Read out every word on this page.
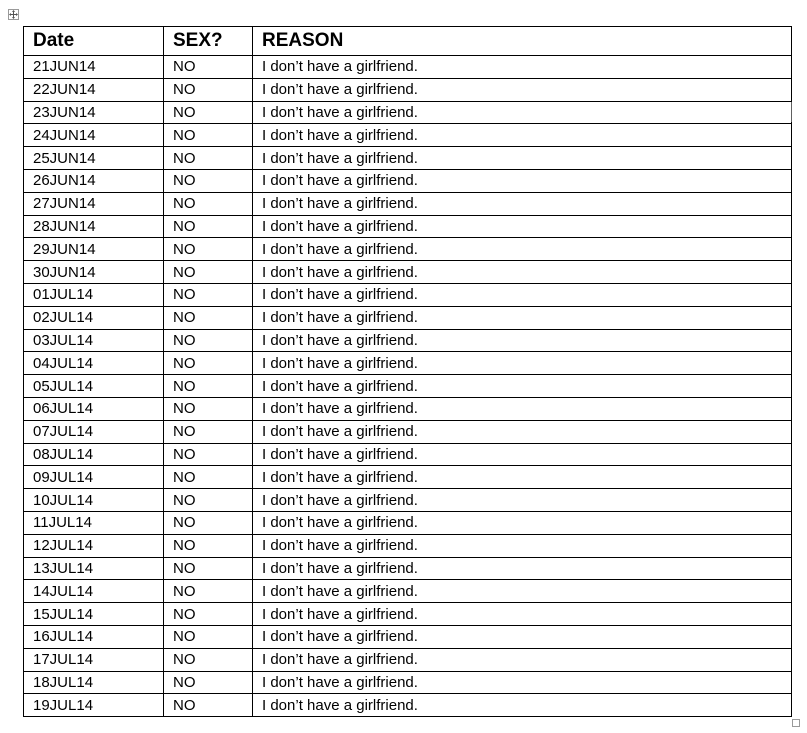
Date	SEX?	REASON
21JUN14	NO	I don’t have a girlfriend.
22JUN14	NO	I don’t have a girlfriend.
23JUN14	NO	I don’t have a girlfriend.
24JUN14	NO	I don’t have a girlfriend.
25JUN14	NO	I don’t have a girlfriend.
26JUN14	NO	I don’t have a girlfriend.
27JUN14	NO	I don’t have a girlfriend.
28JUN14	NO	I don’t have a girlfriend.
29JUN14	NO	I don’t have a girlfriend.
30JUN14	NO	I don’t have a girlfriend.
01JUL14	NO	I don’t have a girlfriend.
02JUL14	NO	I don’t have a girlfriend.
03JUL14	NO	I don’t have a girlfriend.
04JUL14	NO	I don’t have a girlfriend.
05JUL14	NO	I don’t have a girlfriend.
06JUL14	NO	I don’t have a girlfriend.
07JUL14	NO	I don’t have a girlfriend.
08JUL14	NO	I don’t have a girlfriend.
09JUL14	NO	I don’t have a girlfriend.
10JUL14	NO	I don’t have a girlfriend.
11JUL14	NO	I don’t have a girlfriend.
12JUL14	NO	I don’t have a girlfriend.
13JUL14	NO	I don’t have a girlfriend.
14JUL14	NO	I don’t have a girlfriend.
15JUL14	NO	I don’t have a girlfriend.
16JUL14	NO	I don’t have a girlfriend.
17JUL14	NO	I don’t have a girlfriend.
18JUL14	NO	I don’t have a girlfriend.
19JUL14	NO	I don’t have a girlfriend.
